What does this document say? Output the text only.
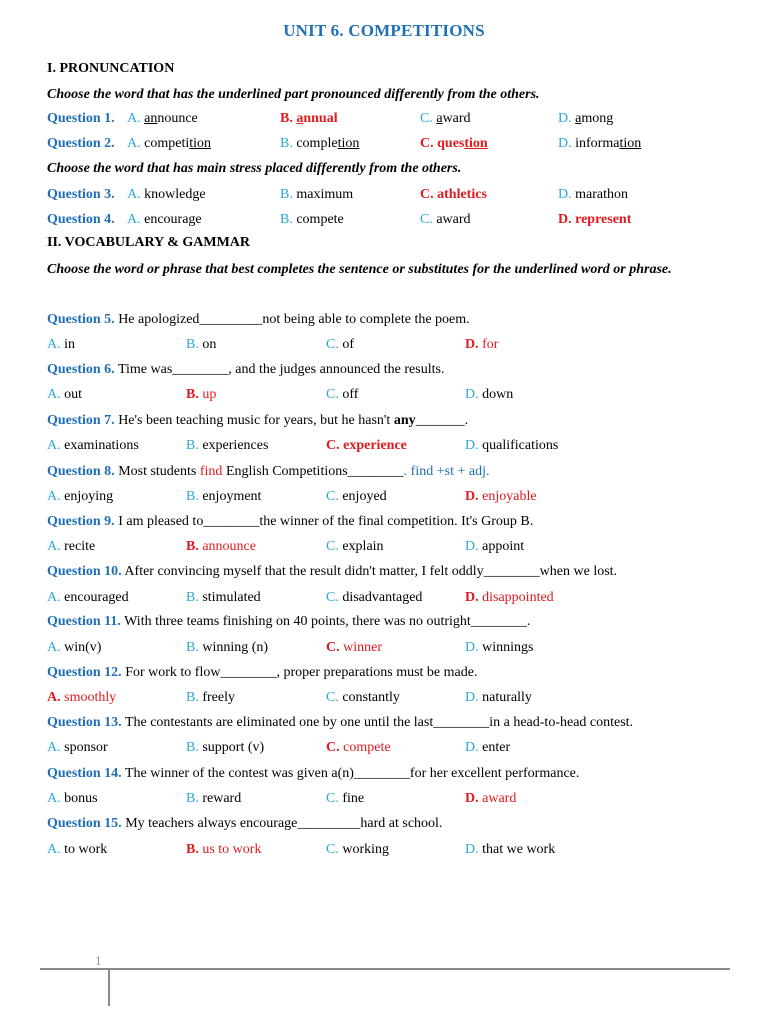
UNIT 6. COMPETITIONS
I. PRONUNCATION
Choose the word that has the underlined part pronounced differently from the others.
Question 1. A. announce	B. annual	C. award	D. among
Question 2. A. competition	B. completion	C. question	D. information
Choose the word that has main stress placed differently from the others.
Question 3. A. knowledge	B. maximum	C. athletics	D. marathon
Question 4. A. encourage	B. compete	C. award	D. represent
II. VOCABULARY & GAMMAR
Choose the word or phrase that best completes the sentence or substitutes for the underlined word or phrase.
Question 5. He apologized_________not being able to complete the poem.
A. in	B. on	C. of	D. for
Question 6. Time was________, and the judges announced the results.
A. out	B. up	C. off	D. down
Question 7. He's been teaching music for years, but he hasn't any_______.
A. examinations	B. experiences	C. experience	D. qualifications
Question 8. Most students find English Competitions________. find +st + adj.
A. enjoying	B. enjoyment	C. enjoyed	D. enjoyable
Question 9. I am pleased to________the winner of the final competition. It's Group B.
A. recite	B. announce	C. explain	D. appoint
Question 10. After convincing myself that the result didn't matter, I felt oddly________when we lost.
A. encouraged	B. stimulated	C. disadvantaged	D. disappointed
Question 11. With three teams finishing on 40 points, there was no outright________.
A. win(v)	B. winning (n)	C. winner	D. winnings
Question 12. For work to flow________, proper preparations must be made.
A. smoothly	B. freely	C. constantly	D. naturally
Question 13. The contestants are eliminated one by one until the last________in a head-to-head contest.
A. sponsor	B. support (v)	C. compete	D. enter
Question 14. The winner of the contest was given a(n)________for her excellent performance.
A. bonus	B. reward	C. fine	D. award
Question 15. My teachers always encourage_________hard at school.
A. to work	B. us to work	C. working	D. that we work
1
